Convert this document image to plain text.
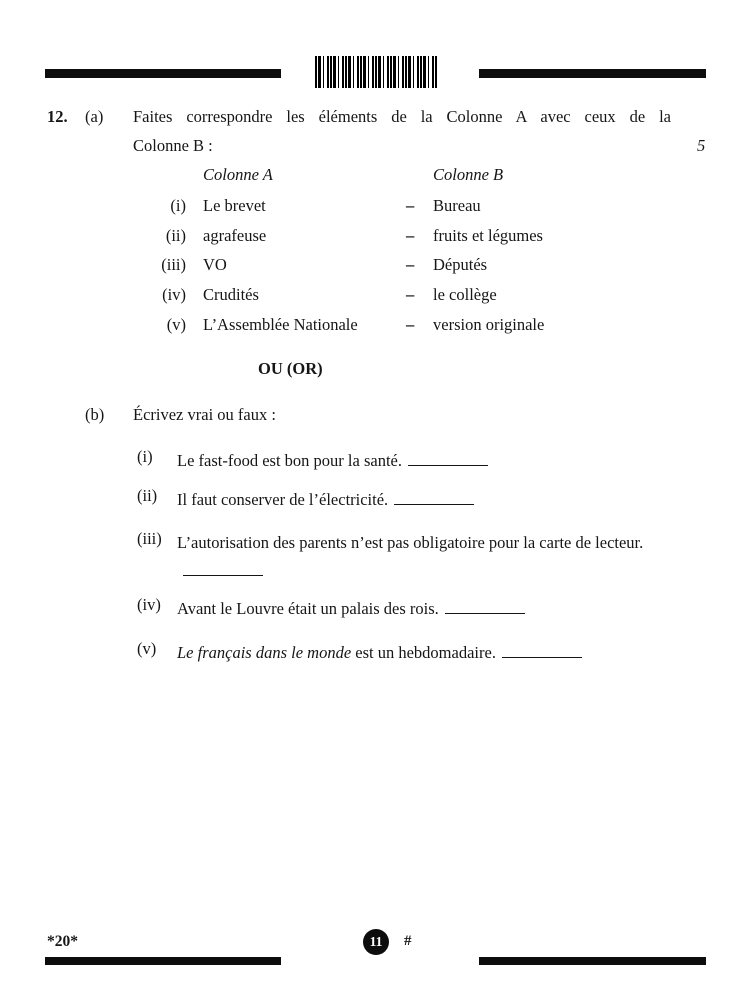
12. (a) Faites correspondre les éléments de la Colonne A avec ceux de la
Colonne B :	5
Colonne A	Colonne B
(i) Le brevet	– Bureau
(ii) agrafeuse	– fruits et légumes
(iii) VO	– Députés
(iv) Crudités	– le collège
(v) L’Assemblée Nationale	– version originale
OU (OR)
(b) Écrivez vrai ou faux :
(i) Le fast-food est bon pour la santé.
(ii) Il faut conserver de l’électricité.
(iii) L’autorisation des parents n’est pas obligatoire pour la carte de lecteur.
(iv) Avant le Louvre était un palais des rois.
(v) Le français dans le monde est un hebdomadaire.
*20*	11 #
